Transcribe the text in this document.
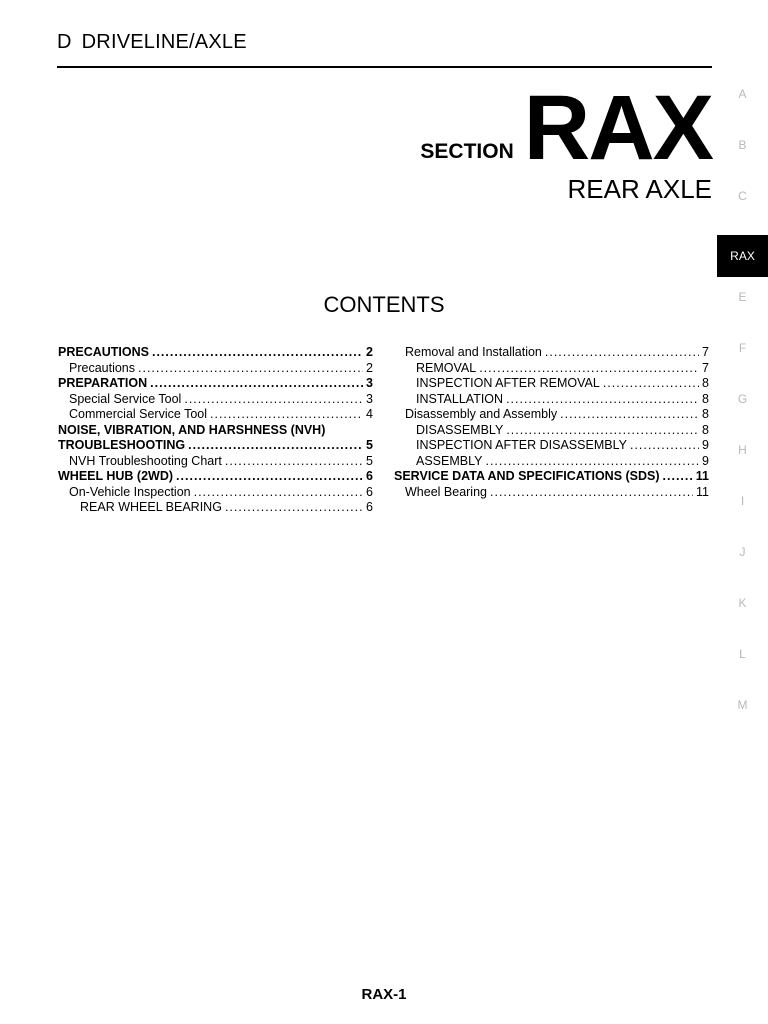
D DRIVELINE/AXLE
SECTION RAX
REAR AXLE
A
B
C
RAX
E
F
G
H
I
J
K
L
M
CONTENTS
PRECAUTIONS .....	2
Precautions .....	2
PREPARATION .....	3
Special Service Tool .....	3
Commercial Service Tool .....	4
NOISE, VIBRATION, AND HARSHNESS (NVH)
TROUBLESHOOTING .....	5
NVH Troubleshooting Chart .....	5
WHEEL HUB (2WD) .....	6
On-Vehicle Inspection .....	6
REAR WHEEL BEARING .....	6
Removal and Installation .....	7
REMOVAL .....	7
INSPECTION AFTER REMOVAL .....	8
INSTALLATION .....	8
Disassembly and Assembly .....	8
DISASSEMBLY .....	8
INSPECTION AFTER DISASSEMBLY .....	9
ASSEMBLY .....	9
SERVICE DATA AND SPECIFICATIONS (SDS) .....	11
Wheel Bearing .....	11
RAX-1
